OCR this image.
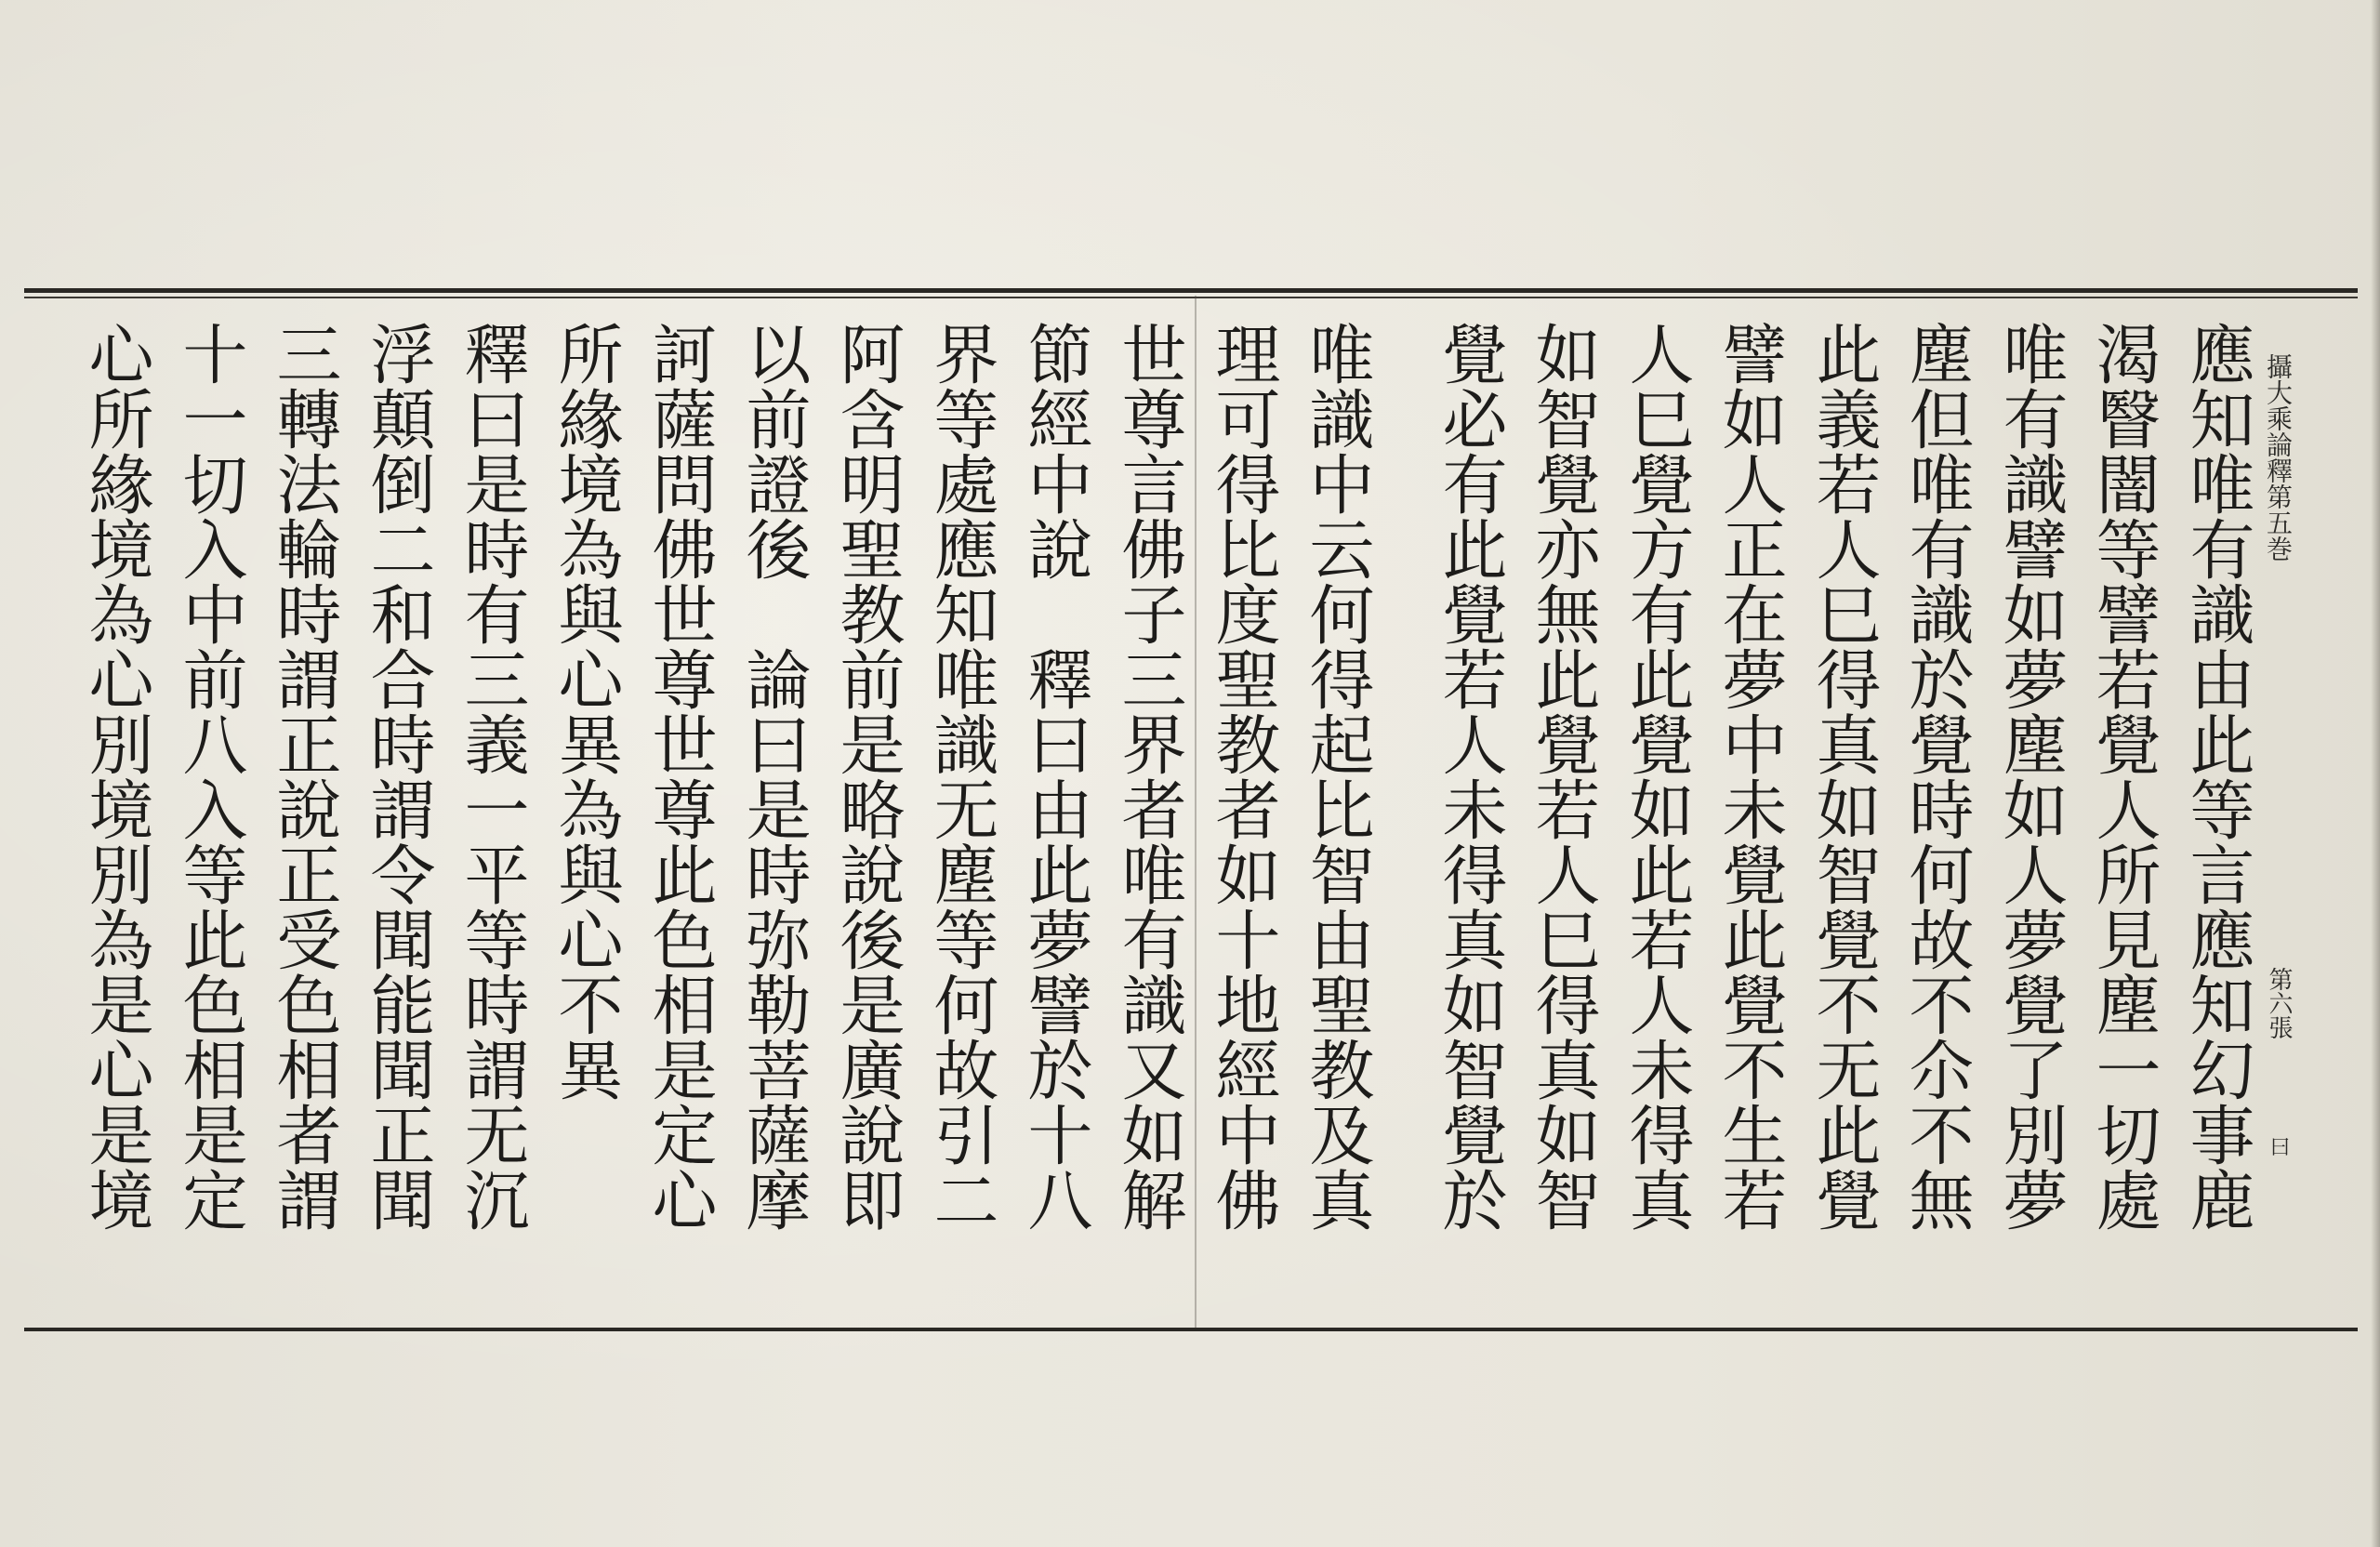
攝大乘論釋第五巻
第六張
曰
應知唯有識由此等言應知幻事鹿
渴瞖闇等譬若覺人所見塵一切處
唯有識譬如夢塵如人夢覺了別夢
塵但唯有識於覺時何故不尒不無
此義若人巳得真如智覺不无此覺
譬如人正在夢中未覺此覺不生若
人巳覺方有此覺如此若人未得真
如智覺亦無此覺若人巳得真如智
覺必有此覺若人未得真如智覺於
唯識中云何得起比智由聖教及真
理可得比度聖教者如十地經中佛
世尊言佛子三界者唯有識又如解
節經中說　釋曰由此夢譬於十八
界等處應知唯識无塵等何故引二
阿含明聖教前是略說後是廣說即
以前證後　論曰是時弥勒菩薩摩
訶薩問佛世尊世尊此色相是定心
所緣境為與心異為與心不異
釋曰是時有三義一平等時謂无沉
浮顛倒二和合時謂令聞能聞正聞
三轉法輪時謂正說正受色相者謂
十一切入中前八入等此色相是定
心所緣境為心別境別為是心是境
